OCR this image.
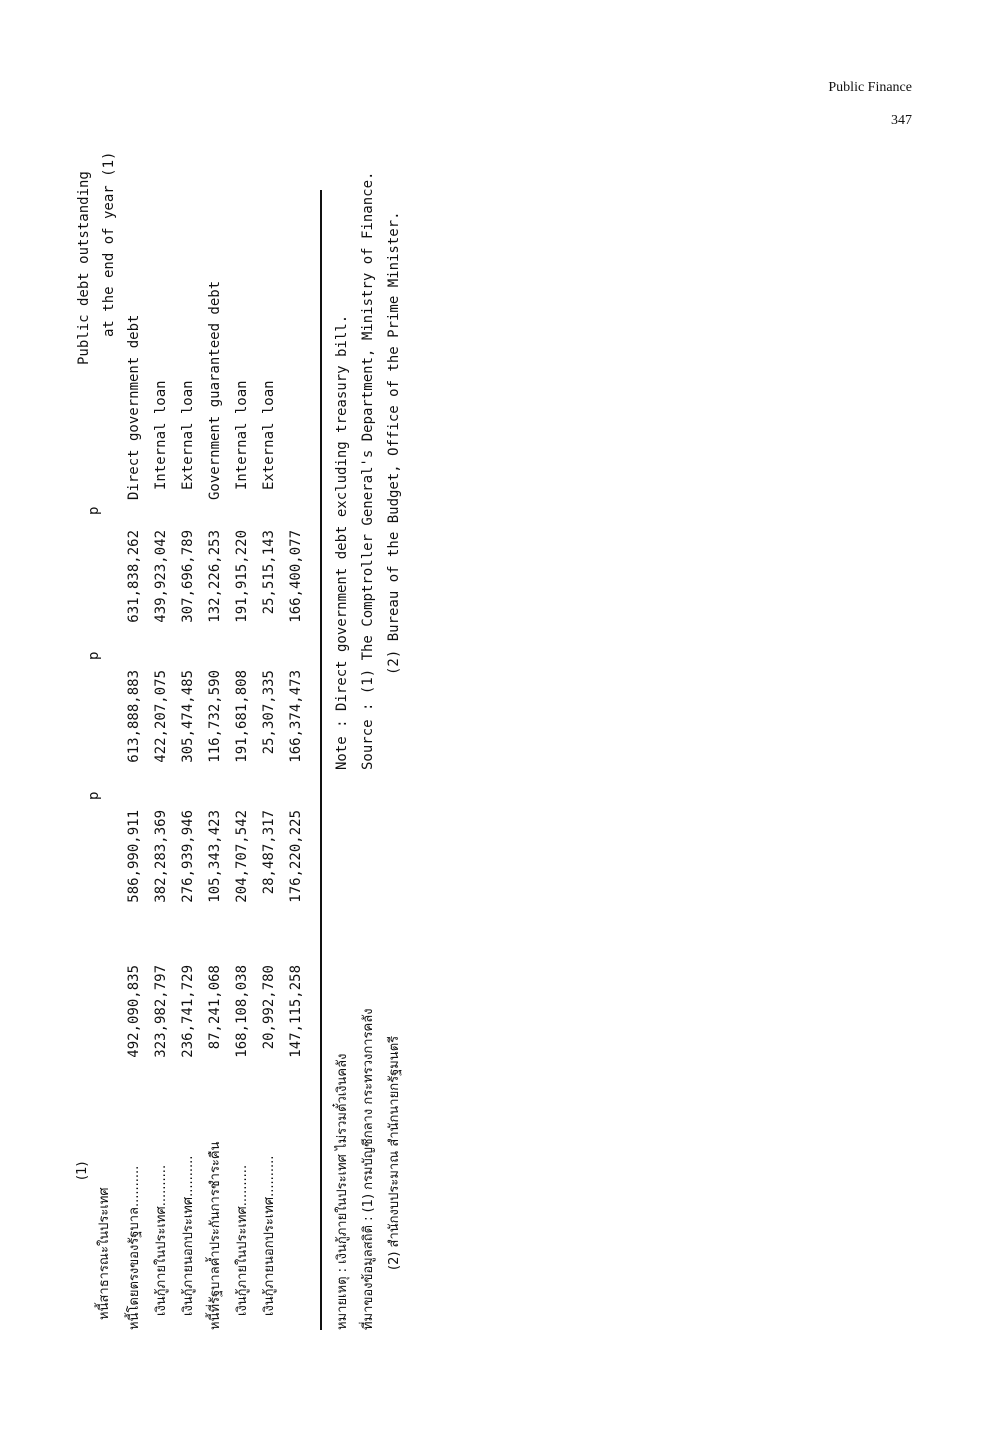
Public Finance
347
(1)
หนี้สาธารณะในประเทศ
p
p
p
Public debt outstanding at the end of year (1)
หนี้โดยตรงของรัฐบาล..........
492,090,835
586,990,911
613,888,883
631,838,262
Direct government debt
เงินกู้ภายในประเทศ..........
323,982,797
382,283,369
422,207,075
439,923,042
Internal loan
เงินกู้ภายนอกประเทศ..........
236,741,729
276,939,946
305,474,485
307,696,789
External loan
หนี้ที่รัฐบาลค้ำประกันการชำระคืน
87,241,068
105,343,423
116,732,590
132,226,253
Government guaranteed debt
เงินกู้ภายในประเทศ..........
168,108,038
204,707,542
191,681,808
191,915,220
Internal loan
เงินกู้ภายนอกประเทศ..........
20,992,780
28,487,317
25,307,335
25,515,143
External loan
147,115,258
176,220,225
166,374,473
166,400,077
หมายเหตุ : เงินกู้ภายในประเทศ ไม่รวมตั๋วเงินคลัง ที่มาของข้อมูลสถิติ : (1) กรมบัญชีกลาง กระทรวงการคลัง (2) สำนักงบประมาณ สำนักนายกรัฐมนตรี
Note : Direct government debt excluding treasury bill. Source : (1) The Comptroller General's Department, Ministry of Finance. (2) Bureau of the Budget, Office of the Prime Minister.
